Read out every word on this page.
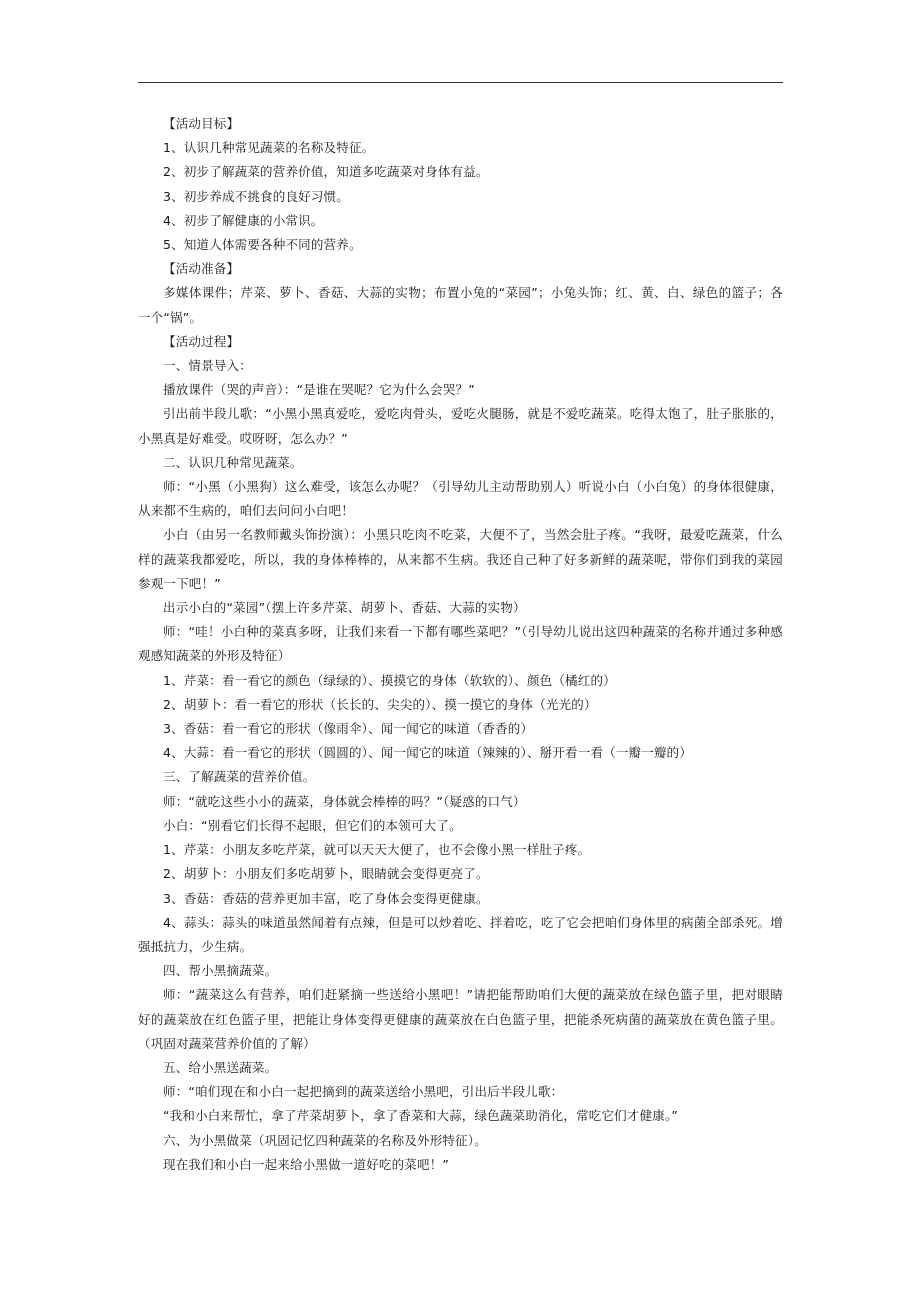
【活动目标】

1、认识几种常见蔬菜的名称及特征。

2、初步了解蔬菜的营养价值，知道多吃蔬菜对身体有益。

3、初步养成不挑食的良好习惯。

4、初步了解健康的小常识。

5、知道人体需要各种不同的营养。

【活动准备】

多媒体课件；芹菜、萝卜、香菇、大蒜的实物；布置小兔的“菜园”；小兔头饰；红、黄、白、绿色的篮子；各一个“锅”。

【活动过程】

一、情景导入：

播放课件（哭的声音）：“是谁在哭呢？它为什么会哭？”

引出前半段儿歌：“小黑小黑真爱吃，爱吃肉骨头，爱吃火腿肠，就是不爱吃蔬菜。吃得太饱了，肚子胀胀的，小黑真是好难受。哎呀呀，怎么办？”

二、认识几种常见蔬菜。

师：“小黑（小黑狗）这么难受，该怎么办呢？（引导幼儿主动帮助别人）听说小白（小白兔）的身体很健康，从来都不生病的，咱们去问问小白吧！

小白（由另一名教师戴头饰扮演）：小黑只吃肉不吃菜，大便不了，当然会肚子疼。“我呀，最爱吃蔬菜，什么样的蔬菜我都爱吃，所以，我的身体棒棒的，从来都不生病。我还自己种了好多新鲜的蔬菜呢，带你们到我的菜园参观一下吧！”

出示小白的“菜园”（摆上许多芹菜、胡萝卜、香菇、大蒜的实物）

师：“哇！小白种的菜真多呀，让我们来看一下都有哪些菜吧？”（引导幼儿说出这四种蔬菜的名称并通过多种感观感知蔬菜的外形及特征）

1、芹菜：看一看它的颜色（绿绿的）、摸摸它的身体（软软的）、颜色（橘红的）

2、胡萝卜：看一看它的形状（长长的、尖尖的）、摸一摸它的身体（光光的）

3、香菇：看一看它的形状（像雨伞）、闻一闻它的味道（香香的）

4、大蒜：看一看它的形状（圆圆的）、闻一闻它的味道（辣辣的）、掰开看一看（一瓣一瓣的）

三、了解蔬菜的营养价值。

师：“就吃这些小小的蔬菜，身体就会棒棒的吗？”（疑惑的口气）

小白：“别看它们长得不起眼，但它们的本领可大了。

1、芹菜：小朋友多吃芹菜，就可以天天大便了，也不会像小黑一样肚子疼。

2、胡萝卜：小朋友们多吃胡萝卜，眼睛就会变得更亮了。

3、香菇：香菇的营养更加丰富，吃了身体会变得更健康。

4、蒜头：蒜头的味道虽然闻着有点辣，但是可以炒着吃、拌着吃，吃了它会把咱们身体里的病菌全部杀死。增强抵抗力，少生病。

四、帮小黑摘蔬菜。

师：“蔬菜这么有营养，咱们赶紧摘一些送给小黑吧！”请把能帮助咱们大便的蔬菜放在绿色篮子里，把对眼睛好的蔬菜放在红色篮子里，把能让身体变得更健康的蔬菜放在白色篮子里，把能杀死病菌的蔬菜放在黄色篮子里。（巩固对蔬菜营养价值的了解）

五、给小黑送蔬菜。

师：“咱们现在和小白一起把摘到的蔬菜送给小黑吧，引出后半段儿歌：

“我和小白来帮忙，拿了芹菜胡萝卜，拿了香菜和大蒜，绿色蔬菜助消化，常吃它们才健康。”

六、为小黑做菜（巩固记忆四种蔬菜的名称及外形特征）。

现在我们和小白一起来给小黑做一道好吃的菜吧！”
